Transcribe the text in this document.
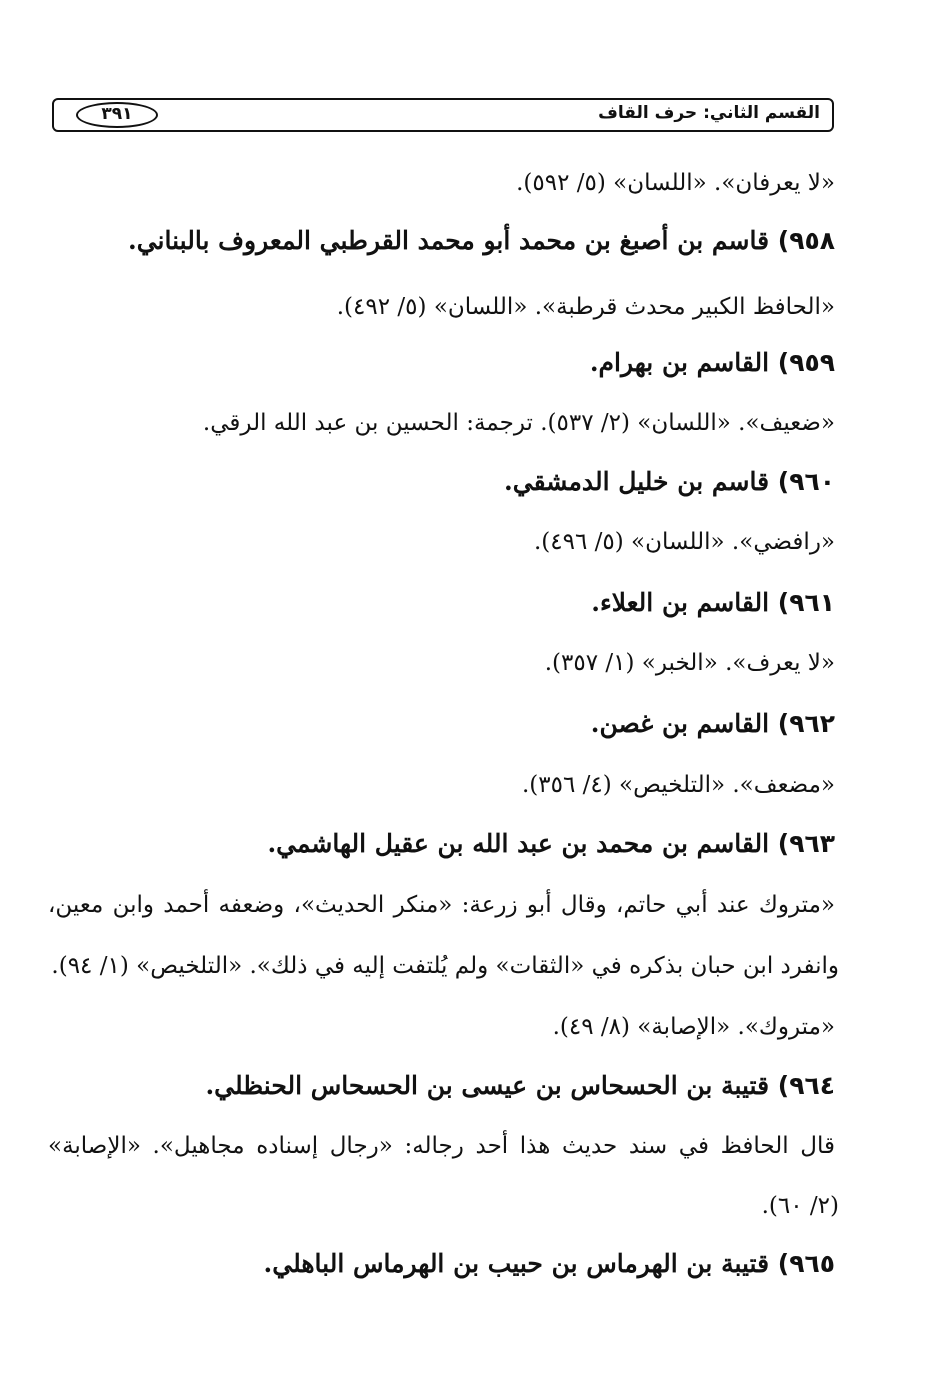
القسم الثاني: حرف القاف
٣٩١
«لا يعرفان». «اللسان» (٥/ ٥٩٢).
٩٥٨) قاسم بن أصبغ بن محمد أبو محمد القرطبي المعروف بالبناني.
«الحافظ الكبير محدث قرطبة». «اللسان» (٥/ ٤٩٢).
٩٥٩) القاسم بن بهرام.
«ضعيف». «اللسان» (٢/ ٥٣٧). ترجمة: الحسين بن عبد الله الرقي.
٩٦٠) قاسم بن خليل الدمشقي.
«رافضي». «اللسان» (٥/ ٤٩٦).
٩٦١) القاسم بن العلاء.
«لا يعرف». «الخبر» (١/ ٣٥٧).
٩٦٢) القاسم بن غصن.
«مضعف». «التلخيص» (٤/ ٣٥٦).
٩٦٣) القاسم بن محمد بن عبد الله بن عقيل الهاشمي.
«متروك عند أبي حاتم، وقال أبو زرعة: «منكر الحديث»، وضعفه أحمد وابن معين،
وانفرد ابن حبان بذكره في «الثقات» ولم يُلتفت إليه في ذلك». «التلخيص» (١/ ٩٤).
«متروك». «الإصابة» (٨/ ٤٩).
٩٦٤) قتيبة بن الحسحاس بن عيسى بن الحسحاس الحنظلي.
قال الحافظ في سند حديث هذا أحد رجاله: «رجال إسناده مجاهيل». «الإصابة»
(٢/ ٦٠).
٩٦٥) قتيبة بن الهرماس بن حبيب بن الهرماس الباهلي.
